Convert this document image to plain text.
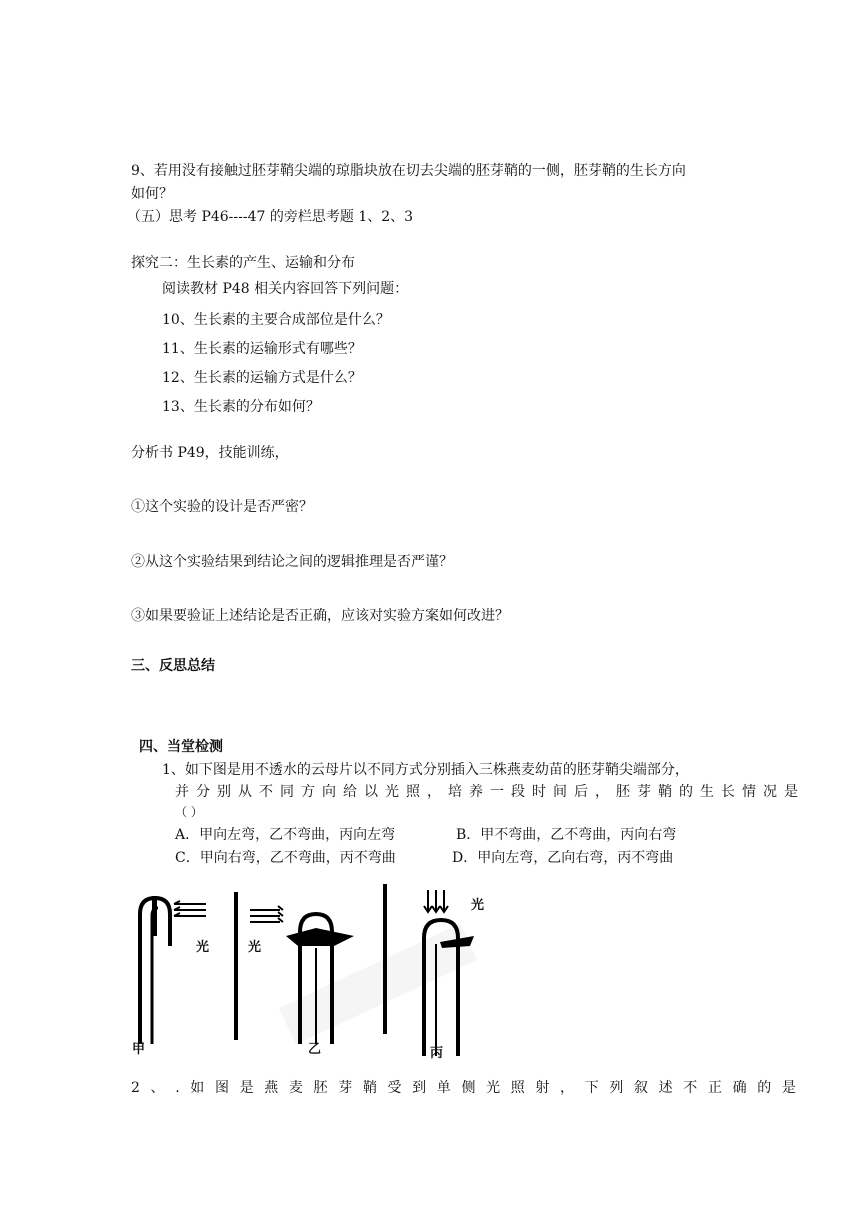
9、若用没有接触过胚芽鞘尖端的琼脂块放在切去尖端的胚芽鞘的一侧，胚芽鞘的生长方向
如何？
（五）思考 P46----47 的旁栏思考题 1、2、3
探究二：生长素的产生、运输和分布
阅读教材 P48 相关内容回答下列问题：
10、生长素的主要合成部位是什么？
11、生长素的运输形式有哪些？
12、生长素的运输方式是什么？
13、生长素的分布如何？
分析书 P49，技能训练，
①这个实验的设计是否严密？
②从这个实验结果到结论之间的逻辑推理是否严谨？
③如果要验证上述结论是否正确，应该对实验方案如何改进？
三、反思总结
四、当堂检测
1、如下图是用不透水的云母片以不同方式分别插入三株燕麦幼苗的胚芽鞘尖端部分，
并分别从不同方向给以光照，培养一段时间后，胚芽鞘的生长情况是
（ ）
A．甲向左弯，乙不弯曲，丙向左弯	B．甲不弯曲，乙不弯曲，丙向右弯
C．甲向右弯，乙不弯曲，丙不弯曲	D．甲向左弯，乙向右弯，丙不弯曲
光	光
光
甲	乙	丙
2 、 . 如 图 是 燕 麦 胚 芽 鞘 受 到 单 侧 光 照 射 ， 下 列 叙 述 不 正 确 的 是
